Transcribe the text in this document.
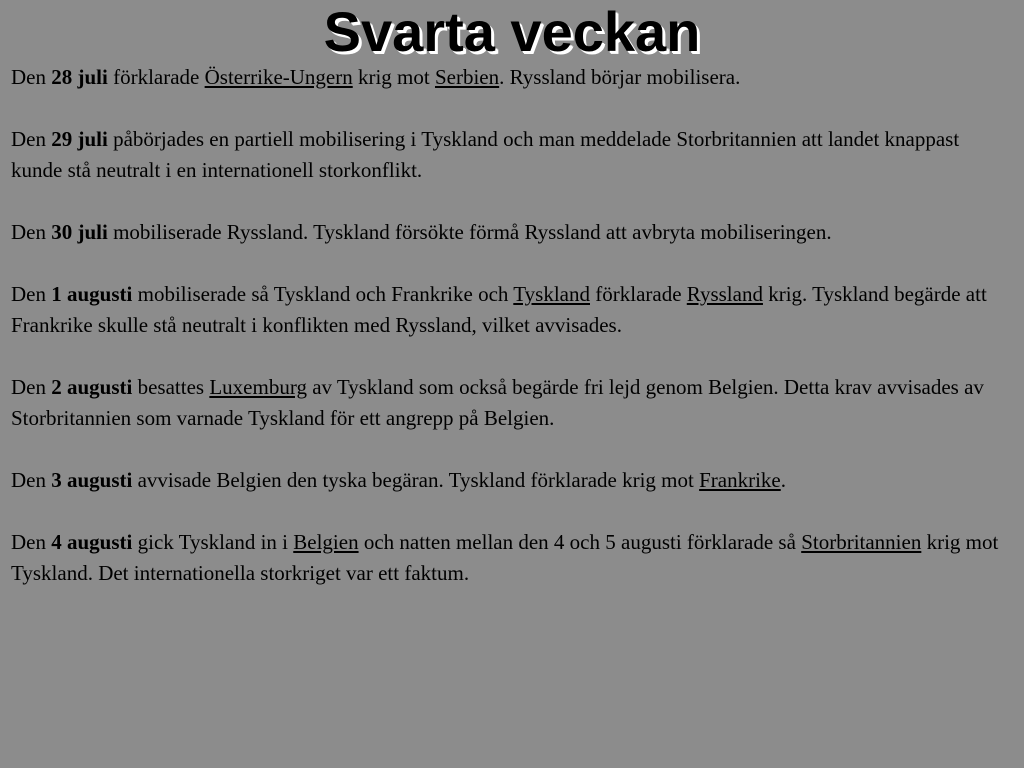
Svarta veckan

Den 28 juli förklarade Österrike-Ungern krig mot Serbien. Ryssland börjar mobilisera.

Den 29 juli påbörjades en partiell mobilisering i Tyskland och man meddelade Storbritannien att landet knappast kunde stå neutralt i en internationell storkonflikt.

Den 30 juli mobiliserade Ryssland. Tyskland försökte förmå Ryssland att avbryta mobiliseringen.

Den 1 augusti mobiliserade så Tyskland och Frankrike och Tyskland förklarade Ryssland krig. Tyskland begärde att Frankrike skulle stå neutralt i konflikten med Ryssland, vilket avvisades.

Den 2 augusti besattes Luxemburg av Tyskland som också begärde fri lejd genom Belgien. Detta krav avvisades av Storbritannien som varnade Tyskland för ett angrepp på Belgien.

Den 3 augusti avvisade Belgien den tyska begäran. Tyskland förklarade krig mot Frankrike.

Den 4 augusti gick Tyskland in i Belgien och natten mellan den 4 och 5 augusti förklarade så Storbritannien krig mot Tyskland. Det internationella storkriget var ett faktum.
